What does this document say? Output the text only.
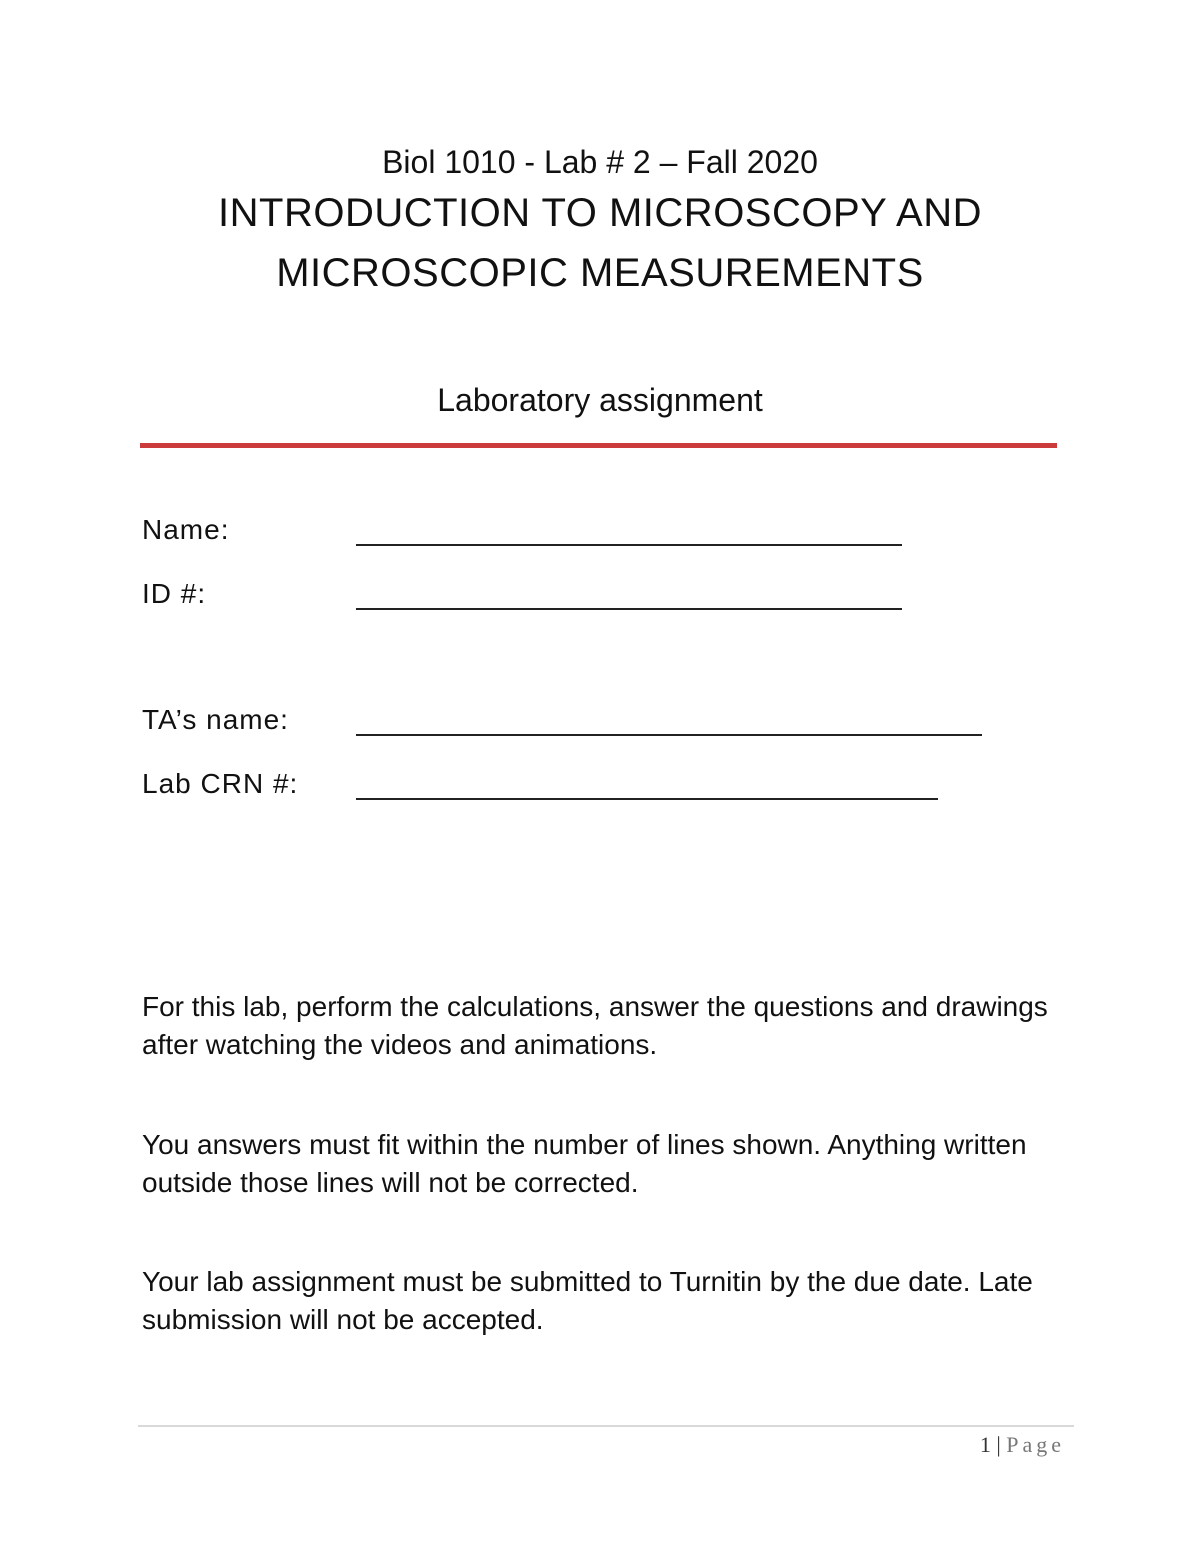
Biol 1010 - Lab # 2 – Fall 2020
INTRODUCTION TO MICROSCOPY AND
MICROSCOPIC MEASUREMENTS
Laboratory assignment
Name:
ID #:
TA’s name:
Lab CRN #:
For this lab, perform the calculations, answer the questions and drawings after watching the videos and animations.
You answers must fit within the number of lines shown. Anything written outside those lines will not be corrected.
Your lab assignment must be submitted to Turnitin by the due date. Late submission will not be accepted.
1 | Page
